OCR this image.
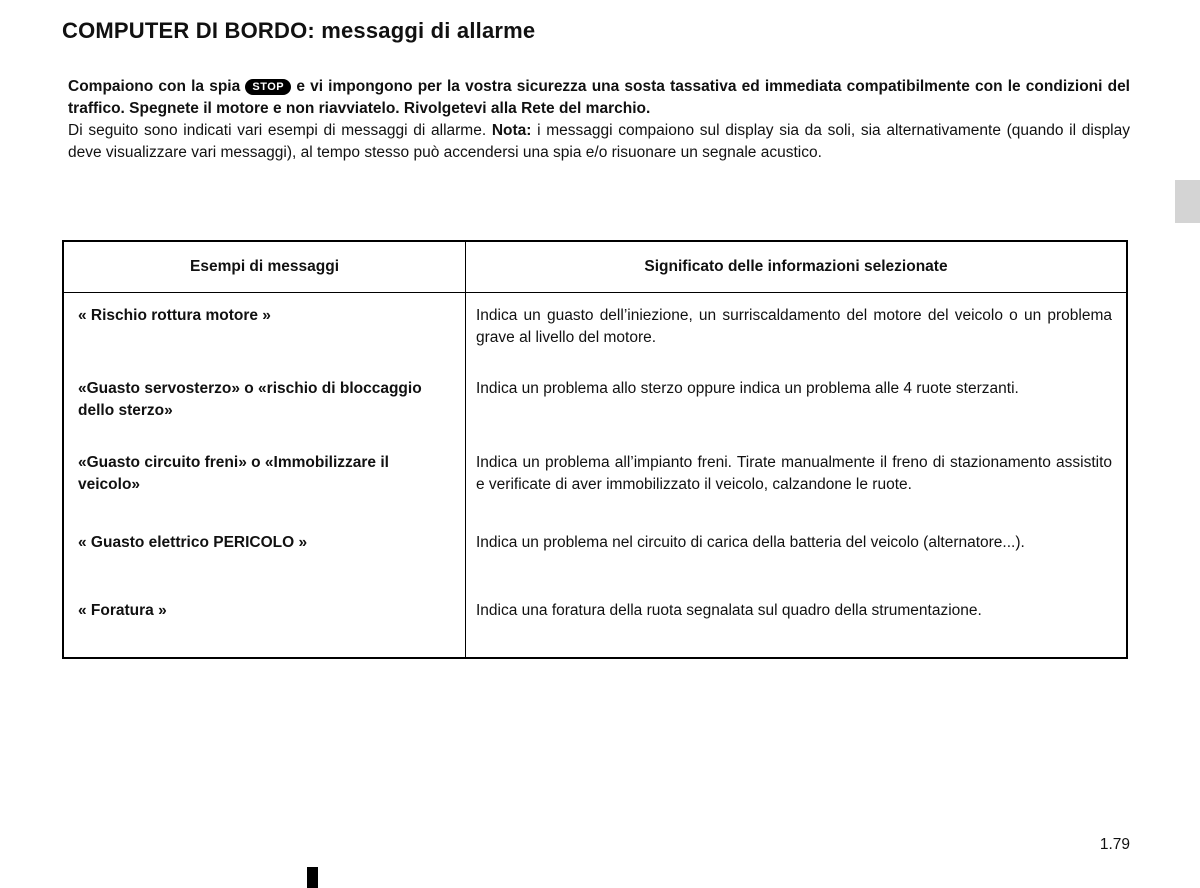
COMPUTER DI BORDO: messaggi di allarme

Compaiono con la spia STOP e vi impongono per la vostra sicurezza una sosta tassativa ed immediata compatibilmente con le condizioni del traffico. Spegnete il motore e non riavviatelo. Rivolgetevi alla Rete del marchio.

Di seguito sono indicati vari esempi di messaggi di allarme. Nota: i messaggi compaiono sul display sia da soli, sia alternativamente (quando il display deve visualizzare vari messaggi), al tempo stesso può accendersi una spia e/o risuonare un segnale acustico.

Esempi di messaggi	Significato delle informazioni selezionate
« Rischio rottura motore »	Indica un guasto dell’iniezione, un surriscaldamento del motore del veicolo o un problema grave al livello del motore.
«Guasto servosterzo» o «rischio di bloccaggio dello sterzo»	Indica un problema allo sterzo oppure indica un problema alle 4 ruote sterzanti.
«Guasto circuito freni» o «Immobilizzare il veicolo»	Indica un problema all’impianto freni. Tirate manualmente il freno di stazionamento assistito e verificate di aver immobilizzato il veicolo, calzandone le ruote.
« Guasto elettrico PERICOLO »	Indica un problema nel circuito di carica della batteria del veicolo (alternatore...).
« Foratura »	Indica una foratura della ruota segnalata sul quadro della strumentazione.
1.79
